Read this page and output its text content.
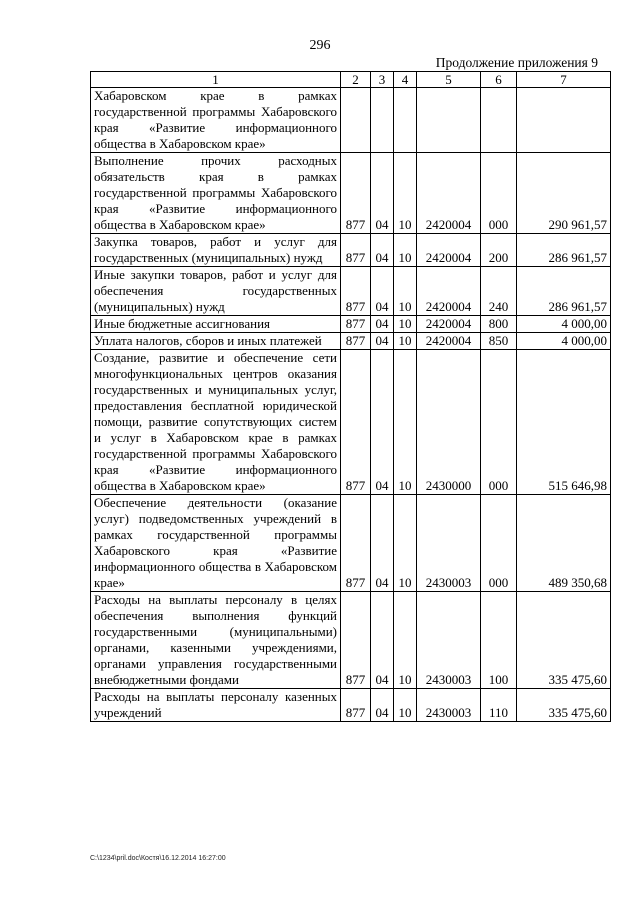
296
Продолжение приложения 9
1	2	3	4	5	6	7
Хабаровском крае в рамках государственной программы Хабаровского края «Развитие информационного общества в Хабаровском крае»						
Выполнение прочих расходных обязательств края в рамках государственной программы Хабаровского края «Развитие информационного общества в Хабаровском крае»	877	04	10	2420004	000	290 961,57
Закупка товаров, работ и услуг для государственных (муниципальных) нужд	877	04	10	2420004	200	286 961,57
Иные закупки товаров, работ и услуг для обеспечения государственных (муниципальных) нужд	877	04	10	2420004	240	286 961,57
Иные бюджетные ассигнования	877	04	10	2420004	800	4 000,00
Уплата налогов, сборов и иных платежей	877	04	10	2420004	850	4 000,00
Создание, развитие и обеспечение сети многофункциональных центров оказания государственных и муниципальных услуг, предоставления бесплатной юридической помощи, развитие сопутствующих систем и услуг в Хабаровском крае в рамках государственной программы Хабаровского края «Развитие информационного общества в Хабаровском крае»	877	04	10	2430000	000	515 646,98
Обеспечение деятельности (оказание услуг) подведомственных учреждений в рамках государственной программы Хабаровского края «Развитие информационного общества в Хабаровском крае»	877	04	10	2430003	000	489 350,68
Расходы на выплаты персоналу в целях обеспечения выполнения функций государственными (муниципальными) органами, казенными учреждениями, органами управления государственными внебюджетными фондами	877	04	10	2430003	100	335 475,60
Расходы на выплаты персоналу казенных учреждений	877	04	10	2430003	110	335 475,60
C:\1234\pril.doc\Костя\16.12.2014 16:27:00
